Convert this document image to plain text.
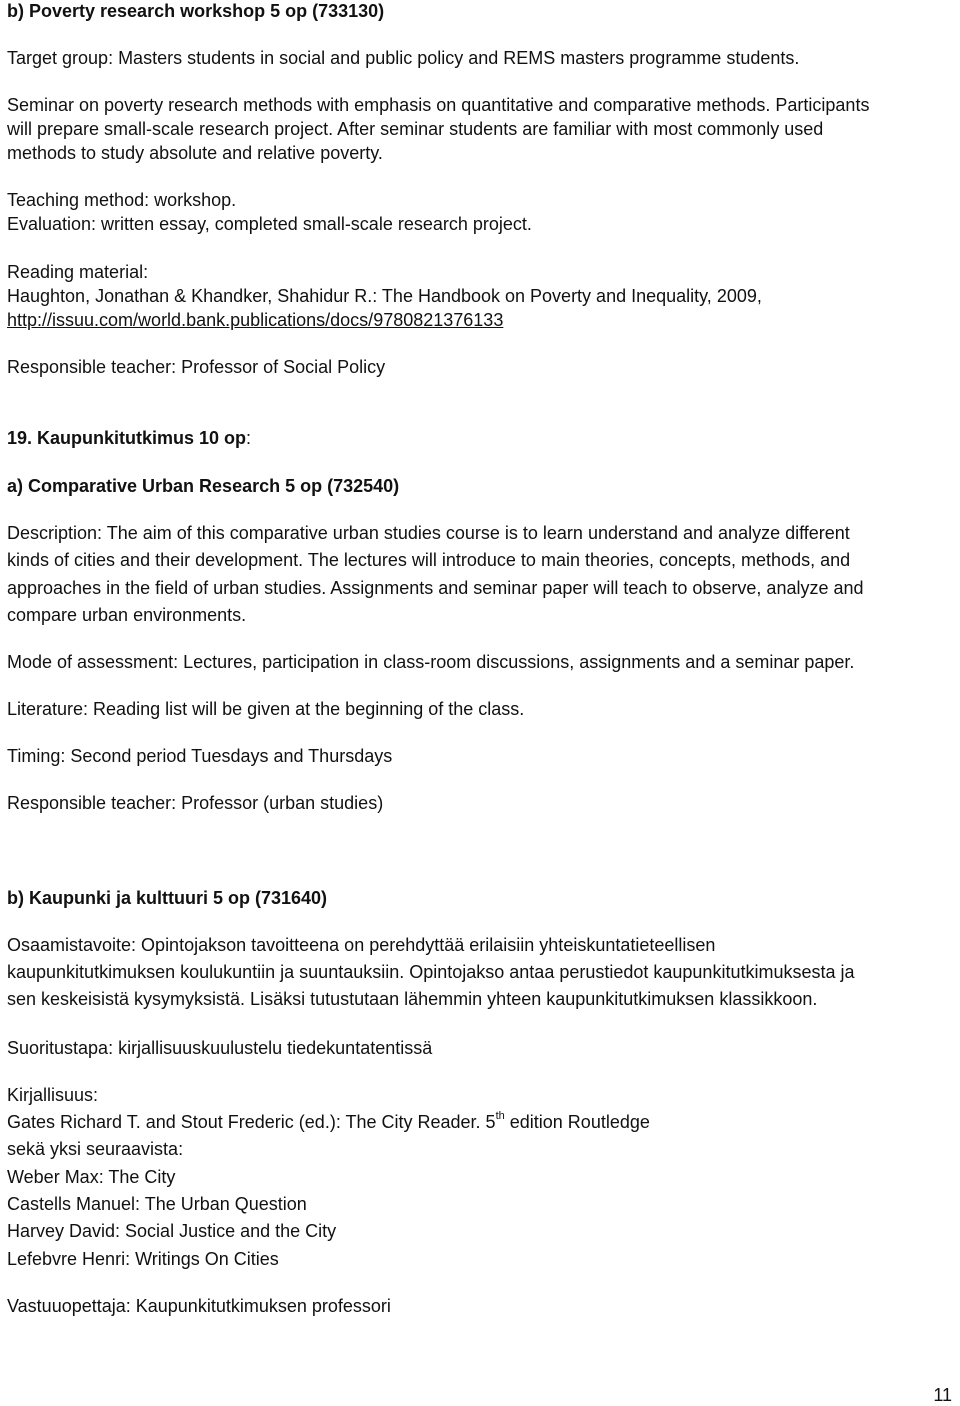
b) Poverty research workshop 5 op (733130)
Target group: Masters students in social and public policy and REMS masters programme students.
Seminar on poverty research methods with emphasis on quantitative and comparative methods. Participants
will prepare small-scale research project. After seminar students are familiar with most commonly used
methods to study absolute and relative poverty.
Teaching method: workshop.
Evaluation: written essay, completed small-scale research project.
Reading material:
Haughton, Jonathan & Khandker, Shahidur R.: The Handbook on Poverty and Inequality, 2009,
http://issuu.com/world.bank.publications/docs/9780821376133
Responsible teacher: Professor of Social Policy
19. Kaupunkitutkimus 10 op:
a) Comparative Urban Research 5 op (732540)
Description: The aim of this comparative urban studies course is to learn understand and analyze different
kinds of cities and their development. The lectures will introduce to main theories, concepts, methods, and
approaches in the field of urban studies. Assignments and seminar paper will teach to observe, analyze and
compare urban environments.
Mode of assessment: Lectures, participation in class-room discussions, assignments and a seminar paper.
Literature: Reading list will be given at the beginning of the class.
Timing: Second period Tuesdays and Thursdays
Responsible teacher: Professor (urban studies)
b) Kaupunki ja kulttuuri 5 op (731640)
Osaamistavoite: Opintojakson tavoitteena on perehdyttää erilaisiin yhteiskuntatieteellisen
kaupunkitutkimuksen koulukuntiin ja suuntauksiin. Opintojakso antaa perustiedot kaupunkitutkimuksesta ja
sen keskeisistä kysymyksistä. Lisäksi tutustutaan lähemmin yhteen kaupunkitutkimuksen klassikkoon.
Suoritustapa: kirjallisuuskuulustelu tiedekuntatentissä
Kirjallisuus:
Gates Richard T. and Stout Frederic (ed.): The City Reader. 5th edition Routledge
sekä yksi seuraavista:
Weber Max: The City
Castells Manuel: The Urban Question
Harvey David: Social Justice and the City
Lefebvre Henri: Writings On Cities
Vastuuopettaja: Kaupunkitutkimuksen professori
11
